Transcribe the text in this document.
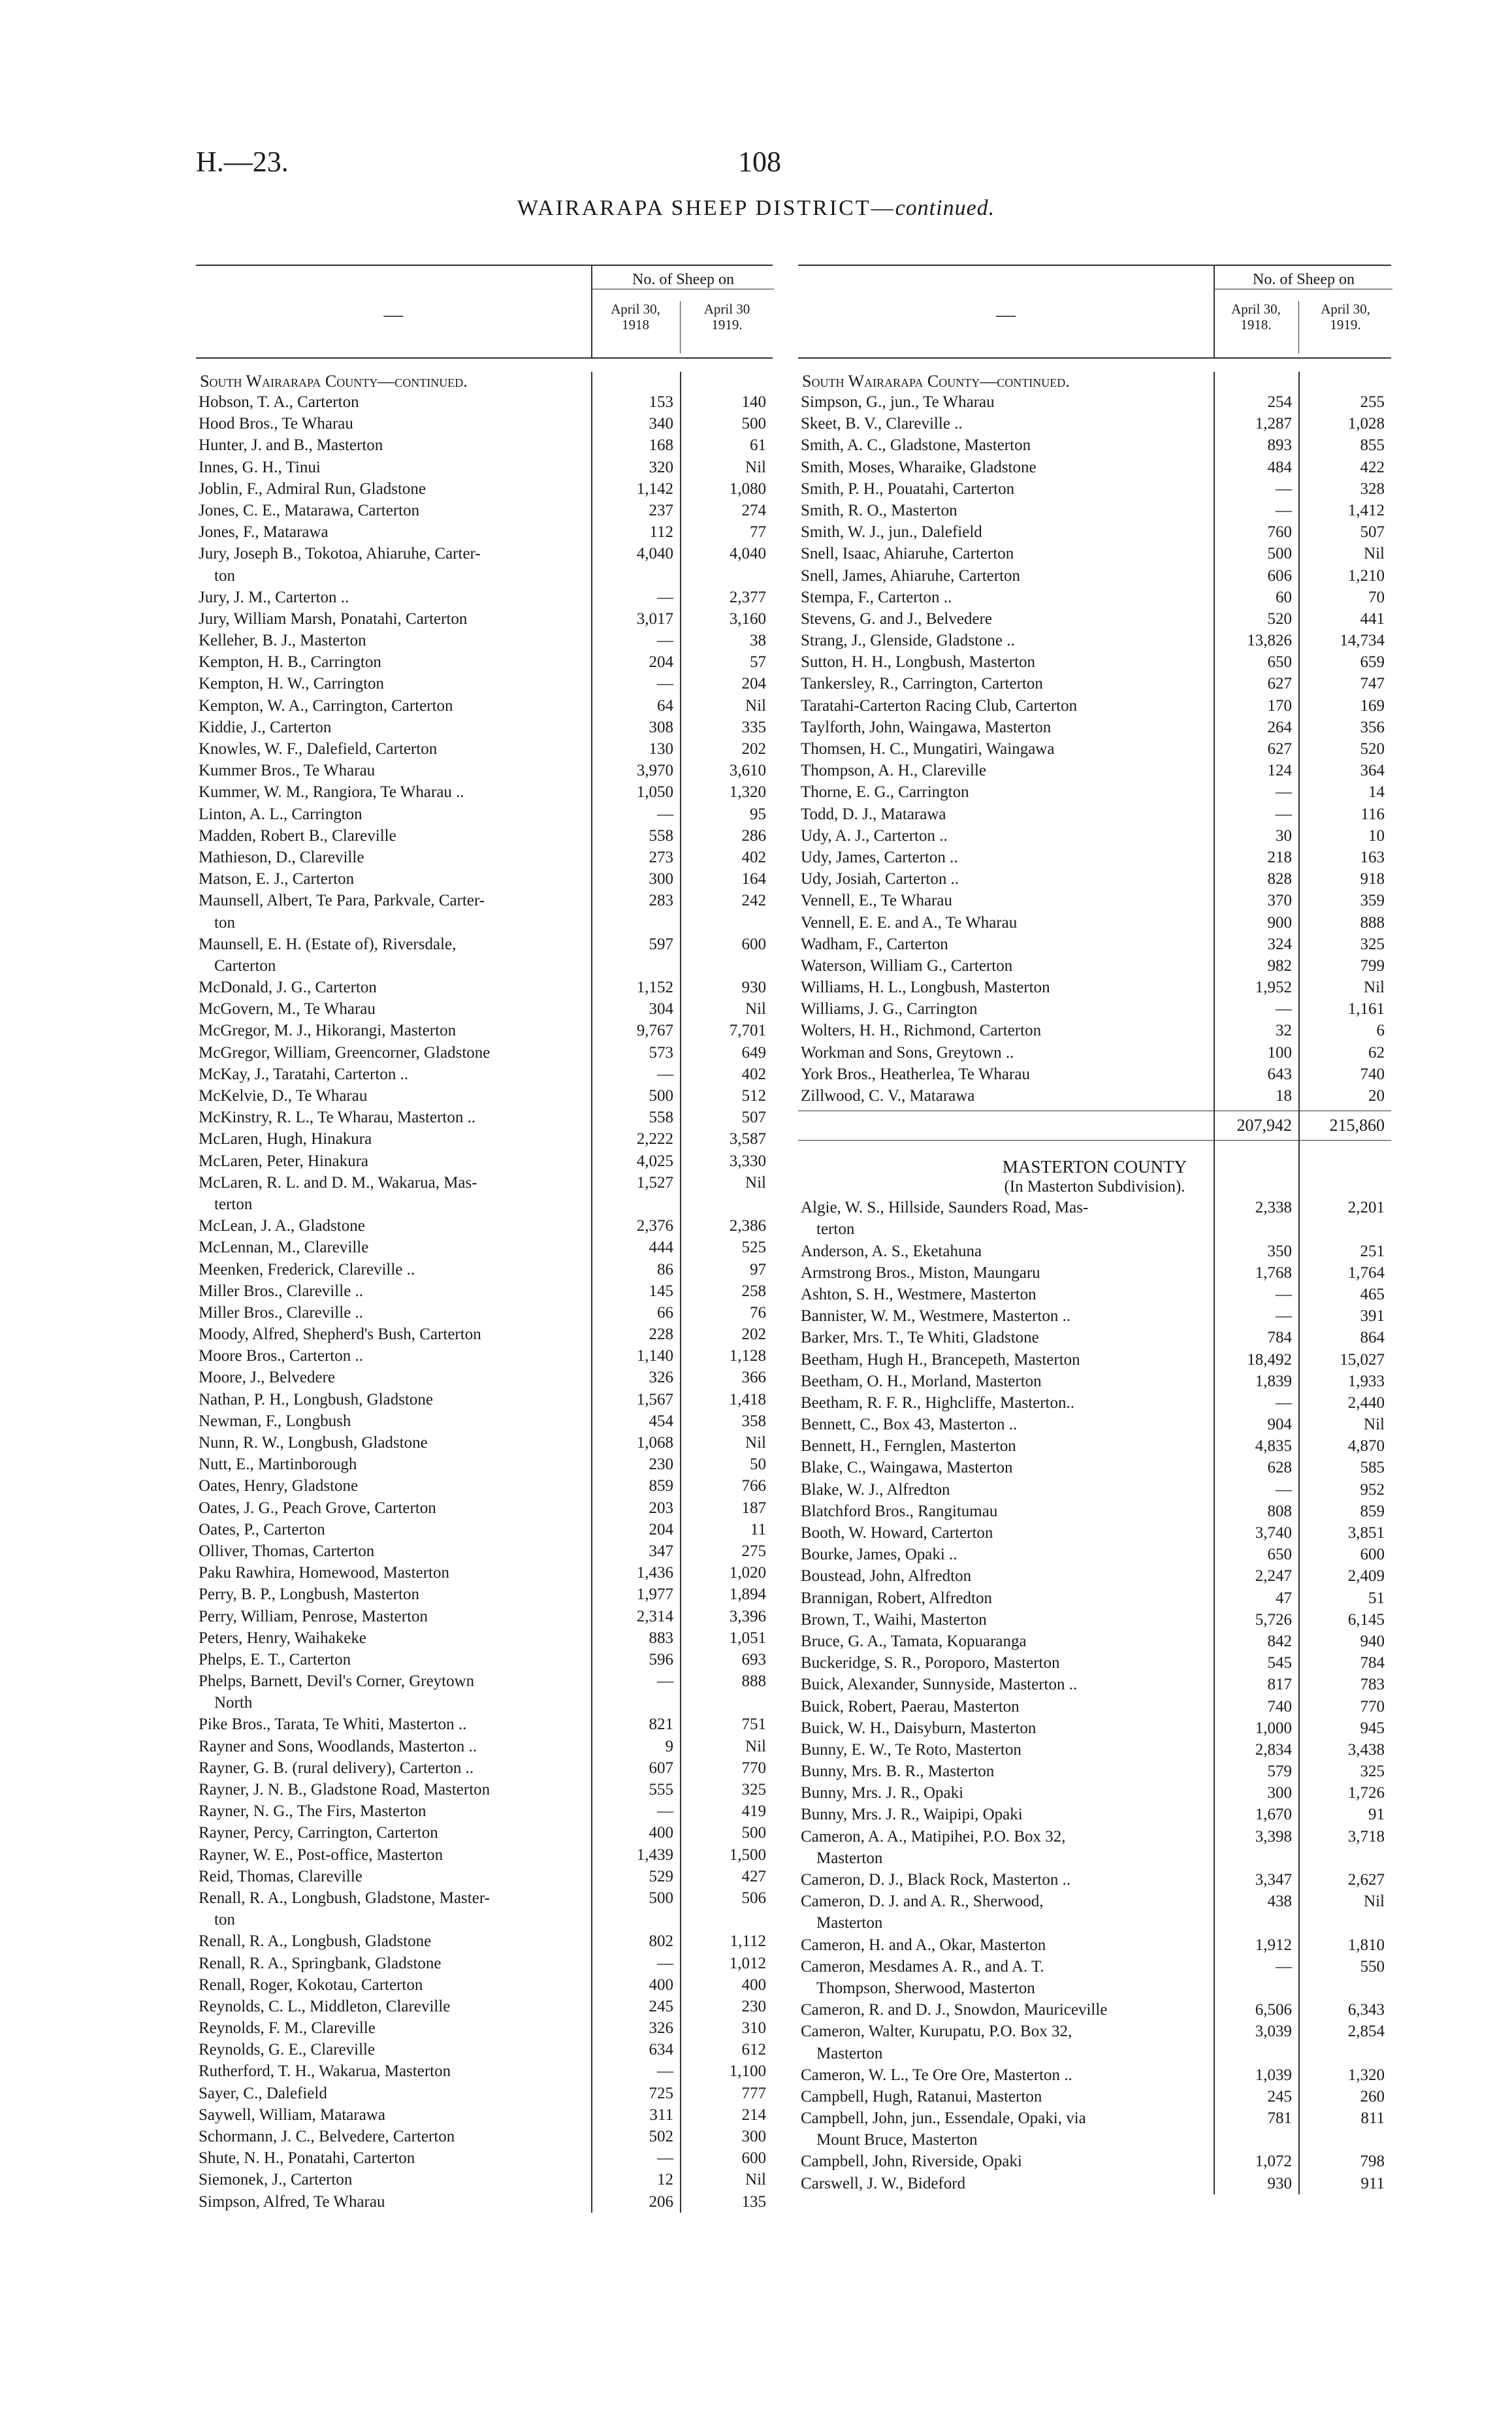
H.—23.	108
WAIRARAPA SHEEP DISTRICT—continued.
—
No. of Sheep on
April 30,
1918
April 30
1919.
South Wairarapa County—continued.
Hobson, T. A., Carterton	153	140
Hood Bros., Te Wharau	340	500
Hunter, J. and B., Masterton	168	61
Innes, G. H., Tinui	320	Nil
Joblin, F., Admiral Run, Gladstone	1,142	1,080
Jones, C. E., Matarawa, Carterton	237	274
Jones, F., Matarawa	112	77
Jury, Joseph B., Tokotoa, Ahiaruhe, Carter-	4,040	4,040
ton
Jury, J. M., Carterton ..	—	2,377
Jury, William Marsh, Ponatahi, Carterton	3,017	3,160
Kelleher, B. J., Masterton	—	38
Kempton, H. B., Carrington	204	57
Kempton, H. W., Carrington	—	204
Kempton, W. A., Carrington, Carterton	64	Nil
Kiddie, J., Carterton	308	335
Knowles, W. F., Dalefield, Carterton	130	202
Kummer Bros., Te Wharau	3,970	3,610
Kummer, W. M., Rangiora, Te Wharau ..	1,050	1,320
Linton, A. L., Carrington	—	95
Madden, Robert B., Clareville	558	286
Mathieson, D., Clareville	273	402
Matson, E. J., Carterton	300	164
Maunsell, Albert, Te Para, Parkvale, Carter-	283	242
ton
Maunsell, E. H. (Estate of), Riversdale,	597	600
Carterton
McDonald, J. G., Carterton	1,152	930
McGovern, M., Te Wharau	304	Nil
McGregor, M. J., Hikorangi, Masterton	9,767	7,701
McGregor, William, Greencorner, Gladstone	573	649
McKay, J., Taratahi, Carterton ..	—	402
McKelvie, D., Te Wharau	500	512
McKinstry, R. L., Te Wharau, Masterton ..	558	507
McLaren, Hugh, Hinakura	2,222	3,587
McLaren, Peter, Hinakura	4,025	3,330
McLaren, R. L. and D. M., Wakarua, Mas-	1,527	Nil
terton
McLean, J. A., Gladstone	2,376	2,386
McLennan, M., Clareville	444	525
Meenken, Frederick, Clareville ..	86	97
Miller Bros., Clareville ..	145	258
Miller Bros., Clareville ..	66	76
Moody, Alfred, Shepherd's Bush, Carterton	228	202
Moore Bros., Carterton ..	1,140	1,128
Moore, J., Belvedere	326	366
Nathan, P. H., Longbush, Gladstone	1,567	1,418
Newman, F., Longbush	454	358
Nunn, R. W., Longbush, Gladstone	1,068	Nil
Nutt, E., Martinborough	230	50
Oates, Henry, Gladstone	859	766
Oates, J. G., Peach Grove, Carterton	203	187
Oates, P., Carterton	204	11
Olliver, Thomas, Carterton	347	275
Paku Rawhira, Homewood, Masterton	1,436	1,020
Perry, B. P., Longbush, Masterton	1,977	1,894
Perry, William, Penrose, Masterton	2,314	3,396
Peters, Henry, Waihakeke	883	1,051
Phelps, E. T., Carterton	596	693
Phelps, Barnett, Devil's Corner, Greytown	—	888
North
Pike Bros., Tarata, Te Whiti, Masterton ..	821	751
Rayner and Sons, Woodlands, Masterton ..	9	Nil
Rayner, G. B. (rural delivery), Carterton ..	607	770
Rayner, J. N. B., Gladstone Road, Masterton	555	325
Rayner, N. G., The Firs, Masterton	—	419
Rayner, Percy, Carrington, Carterton	400	500
Rayner, W. E., Post-office, Masterton	1,439	1,500
Reid, Thomas, Clareville	529	427
Renall, R. A., Longbush, Gladstone, Master-	500	506
ton
Renall, R. A., Longbush, Gladstone	802	1,112
Renall, R. A., Springbank, Gladstone	—	1,012
Renall, Roger, Kokotau, Carterton	400	400
Reynolds, C. L., Middleton, Clareville	245	230
Reynolds, F. M., Clareville	326	310
Reynolds, G. E., Clareville	634	612
Rutherford, T. H., Wakarua, Masterton	—	1,100
Sayer, C., Dalefield	725	777
Saywell, William, Matarawa	311	214
Schormann, J. C., Belvedere, Carterton	502	300
Shute, N. H., Ponatahi, Carterton	—	600
Siemonek, J., Carterton	12	Nil
Simpson, Alfred, Te Wharau	206	135
—
No. of Sheep on
April 30,
1918.
April 30,
1919.
South Wairarapa County—continued.
Simpson, G., jun., Te Wharau	254	255
Skeet, B. V., Clareville ..	1,287	1,028
Smith, A. C., Gladstone, Masterton	893	855
Smith, Moses, Wharaike, Gladstone	484	422
Smith, P. H., Pouatahi, Carterton	—	328
Smith, R. O., Masterton	—	1,412
Smith, W. J., jun., Dalefield	760	507
Snell, Isaac, Ahiaruhe, Carterton	500	Nil
Snell, James, Ahiaruhe, Carterton	606	1,210
Stempa, F., Carterton ..	60	70
Stevens, G. and J., Belvedere	520	441
Strang, J., Glenside, Gladstone ..	13,826	14,734
Sutton, H. H., Longbush, Masterton	650	659
Tankersley, R., Carrington, Carterton	627	747
Taratahi-Carterton Racing Club, Carterton	170	169
Taylforth, John, Waingawa, Masterton	264	356
Thomsen, H. C., Mungatiri, Waingawa	627	520
Thompson, A. H., Clareville	124	364
Thorne, E. G., Carrington	—	14
Todd, D. J., Matarawa	—	116
Udy, A. J., Carterton ..	30	10
Udy, James, Carterton ..	218	163
Udy, Josiah, Carterton ..	828	918
Vennell, E., Te Wharau	370	359
Vennell, E. E. and A., Te Wharau	900	888
Wadham, F., Carterton	324	325
Waterson, William G., Carterton	982	799
Williams, H. L., Longbush, Masterton	1,952	Nil
Williams, J. G., Carrington	—	1,161
Wolters, H. H., Richmond, Carterton	32	6
Workman and Sons, Greytown ..	100	62
York Bros., Heatherlea, Te Wharau	643	740
Zillwood, C. V., Matarawa	18	20
207,942	215,860
MASTERTON COUNTY
(In Masterton Subdivision).
Algie, W. S., Hillside, Saunders Road, Mas-	2,338	2,201
terton
Anderson, A. S., Eketahuna	350	251
Armstrong Bros., Miston, Maungaru	1,768	1,764
Ashton, S. H., Westmere, Masterton	—	465
Bannister, W. M., Westmere, Masterton ..	—	391
Barker, Mrs. T., Te Whiti, Gladstone	784	864
Beetham, Hugh H., Brancepeth, Masterton	18,492	15,027
Beetham, O. H., Morland, Masterton	1,839	1,933
Beetham, R. F. R., Highcliffe, Masterton..	—	2,440
Bennett, C., Box 43, Masterton ..	904	Nil
Bennett, H., Fernglen, Masterton	4,835	4,870
Blake, C., Waingawa, Masterton	628	585
Blake, W. J., Alfredton	—	952
Blatchford Bros., Rangitumau	808	859
Booth, W. Howard, Carterton	3,740	3,851
Bourke, James, Opaki ..	650	600
Boustead, John, Alfredton	2,247	2,409
Brannigan, Robert, Alfredton	47	51
Brown, T., Waihi, Masterton	5,726	6,145
Bruce, G. A., Tamata, Kopuaranga	842	940
Buckeridge, S. R., Poroporo, Masterton	545	784
Buick, Alexander, Sunnyside, Masterton ..	817	783
Buick, Robert, Paerau, Masterton	740	770
Buick, W. H., Daisyburn, Masterton	1,000	945
Bunny, E. W., Te Roto, Masterton	2,834	3,438
Bunny, Mrs. B. R., Masterton	579	325
Bunny, Mrs. J. R., Opaki	300	1,726
Bunny, Mrs. J. R., Waipipi, Opaki	1,670	91
Cameron, A. A., Matipihei, P.O. Box 32,	3,398	3,718
Masterton
Cameron, D. J., Black Rock, Masterton ..	3,347	2,627
Cameron, D. J. and A. R., Sherwood,	438	Nil
Masterton
Cameron, H. and A., Okar, Masterton	1,912	1,810
Cameron, Mesdames A. R., and A. T.	—	550
Thompson, Sherwood, Masterton
Cameron, R. and D. J., Snowdon, Mauriceville	6,506	6,343
Cameron, Walter, Kurupatu, P.O. Box 32,	3,039	2,854
Masterton
Cameron, W. L., Te Ore Ore, Masterton ..	1,039	1,320
Campbell, Hugh, Ratanui, Masterton	245	260
Campbell, John, jun., Essendale, Opaki, via	781	811
Mount Bruce, Masterton
Campbell, John, Riverside, Opaki	1,072	798
Carswell, J. W., Bideford	930	911
